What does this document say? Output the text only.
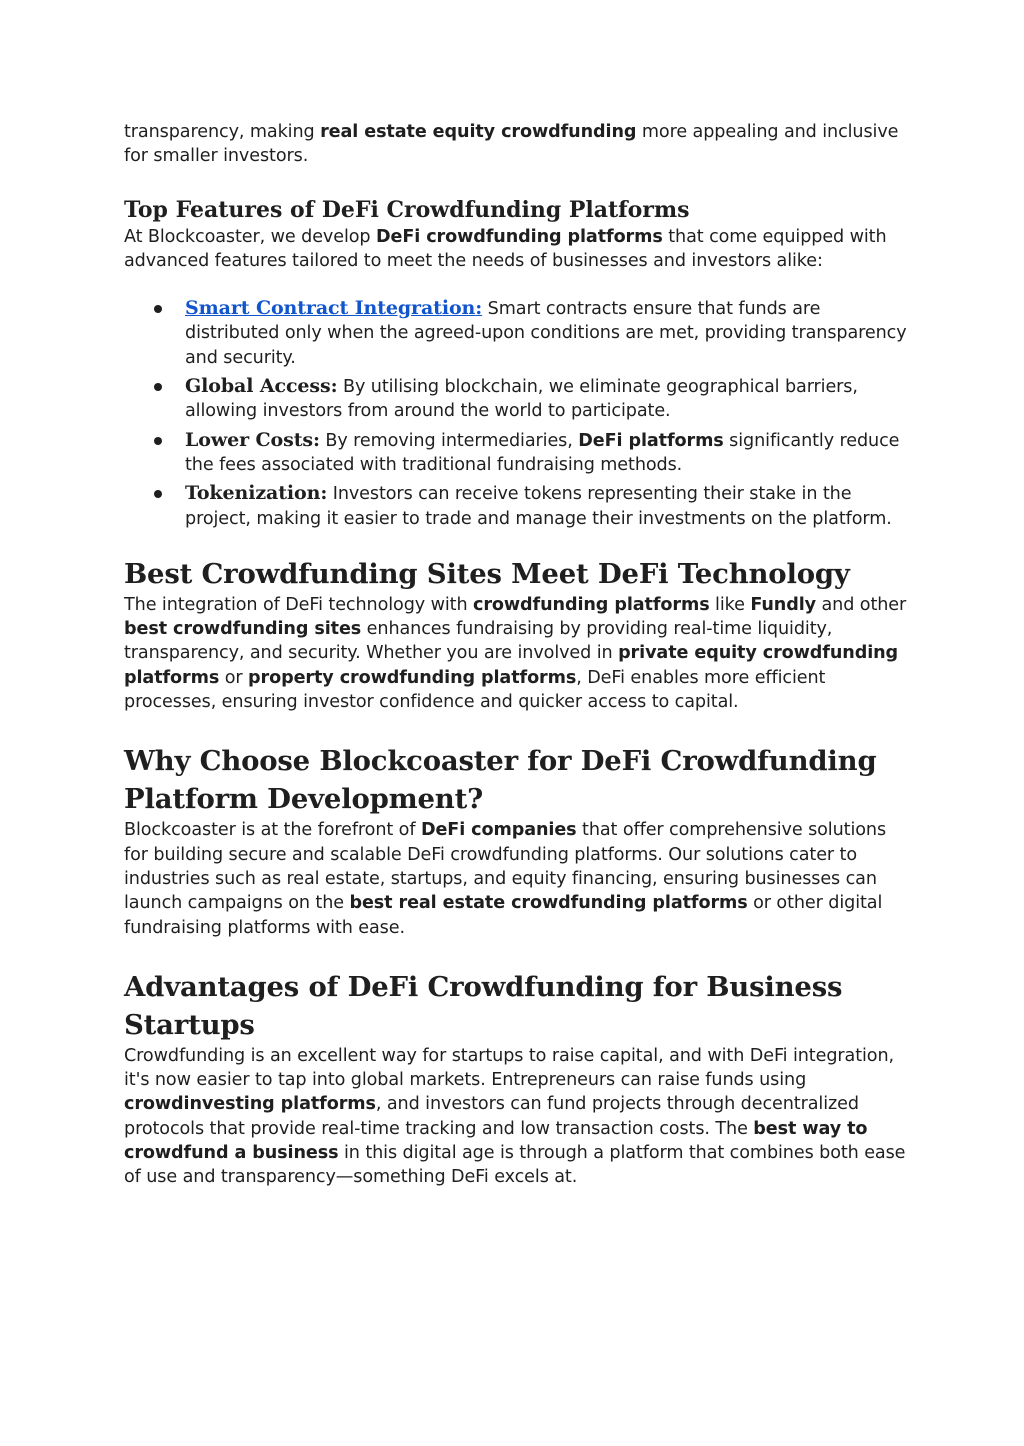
transparency, making real estate equity crowdfunding more appealing and inclusive for smaller investors.

Top Features of DeFi Crowdfunding Platforms

At Blockcoaster, we develop DeFi crowdfunding platforms that come equipped with advanced features tailored to meet the needs of businesses and investors alike:

Smart Contract Integration: Smart contracts ensure that funds are distributed only when the agreed-upon conditions are met, providing transparency and security.
Global Access: By utilising blockchain, we eliminate geographical barriers, allowing investors from around the world to participate.
Lower Costs: By removing intermediaries, DeFi platforms significantly reduce the fees associated with traditional fundraising methods.
Tokenization: Investors can receive tokens representing their stake in the project, making it easier to trade and manage their investments on the platform.
Best Crowdfunding Sites Meet DeFi Technology

The integration of DeFi technology with crowdfunding platforms like Fundly and other best crowdfunding sites enhances fundraising by providing real-time liquidity, transparency, and security. Whether you are involved in private equity crowdfunding platforms or property crowdfunding platforms, DeFi enables more efficient processes, ensuring investor confidence and quicker access to capital.

Why Choose Blockcoaster for DeFi Crowdfunding Platform Development?

Blockcoaster is at the forefront of DeFi companies that offer comprehensive solutions for building secure and scalable DeFi crowdfunding platforms. Our solutions cater to industries such as real estate, startups, and equity financing, ensuring businesses can launch campaigns on the best real estate crowdfunding platforms or other digital fundraising platforms with ease.

Advantages of DeFi Crowdfunding for Business Startups

Crowdfunding is an excellent way for startups to raise capital, and with DeFi integration, it's now easier to tap into global markets. Entrepreneurs can raise funds using crowdinvesting platforms, and investors can fund projects through decentralized protocols that provide real-time tracking and low transaction costs. The best way to crowdfund a business in this digital age is through a platform that combines both ease of use and transparency—something DeFi excels at.
